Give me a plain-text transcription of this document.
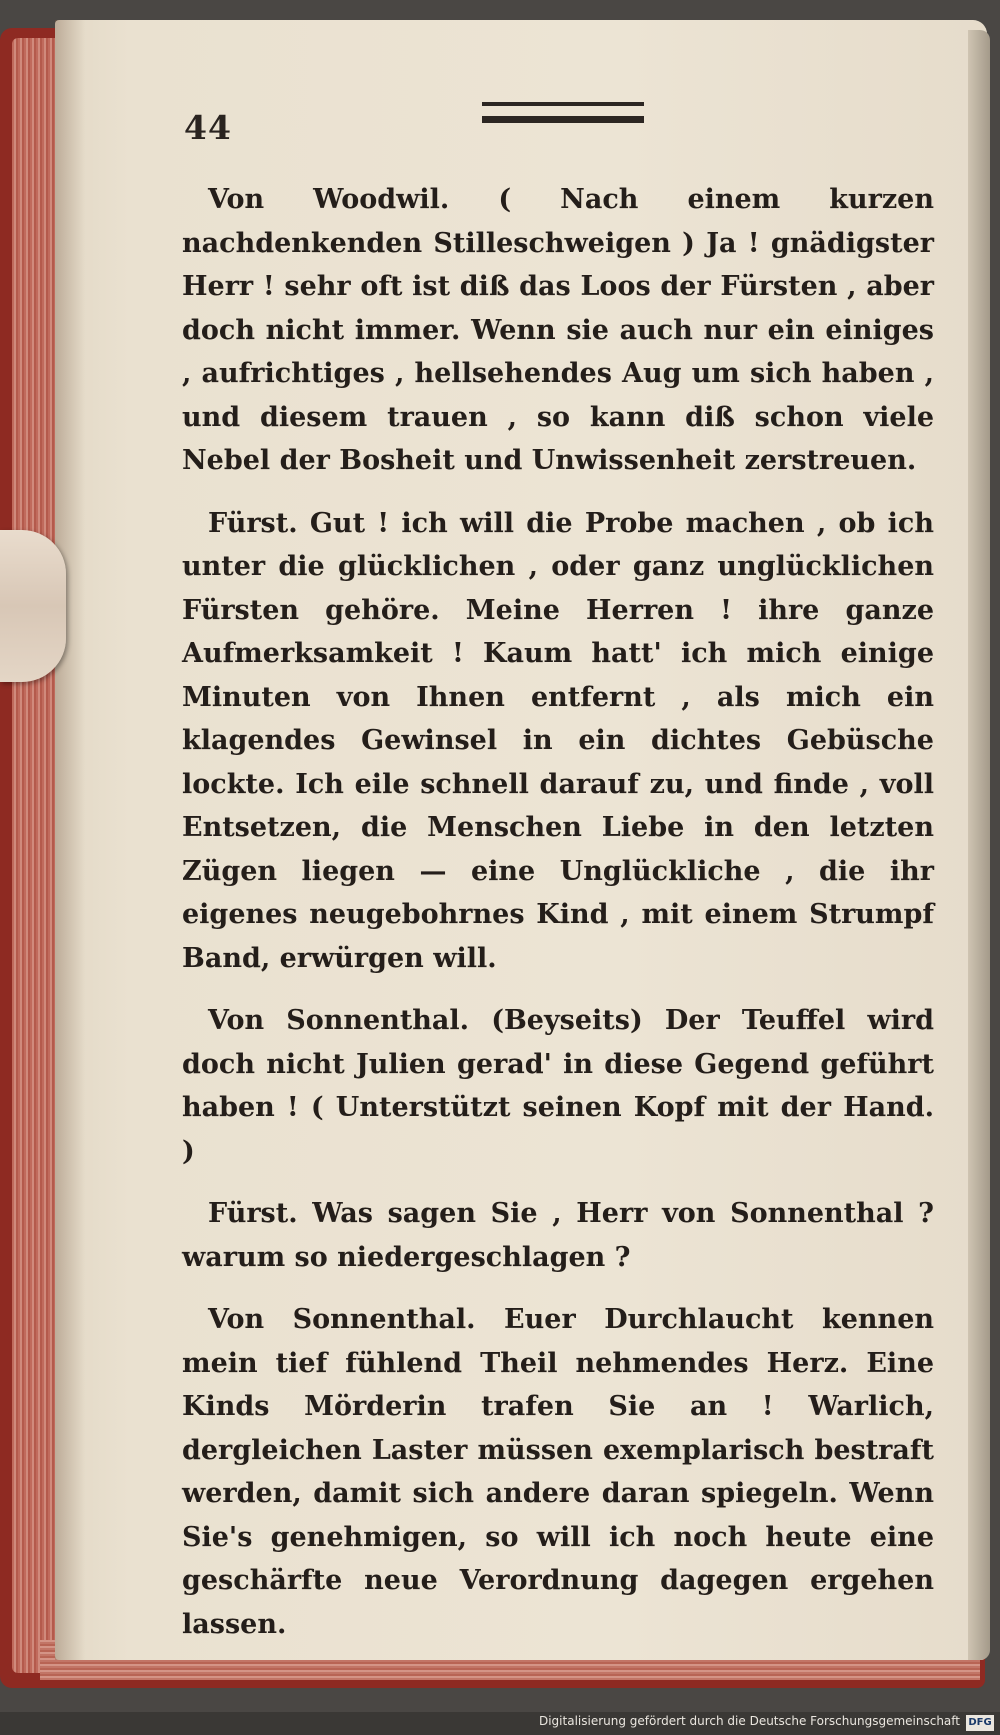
44

Von Woodwil. ( Nach einem kurzen nachdenkenden Stilleschweigen ) Ja ! gnädigster Herr ! sehr oft ist diß das Loos der Fürsten , aber doch nicht immer. Wenn sie auch nur ein einiges , aufrichtiges , hellsehendes Aug um sich haben , und diesem trauen , so kann diß schon viele Nebel der Bosheit und Unwissenheit zerstreuen.

Fürst. Gut ! ich will die Probe machen , ob ich unter die glücklichen , oder ganz unglücklichen Fürsten gehöre. Meine Herren ! ihre ganze Aufmerksamkeit ! Kaum hatt' ich mich einige Minuten von Ihnen entfernt , als mich ein klagendes Gewinsel in ein dichtes Gebüsche lockte. Ich eile schnell darauf zu, und finde , voll Entsetzen, die Menschen Liebe in den letzten Zügen liegen — eine Unglückliche , die ihr eigenes neugebohrnes Kind , mit einem Strumpf Band, erwürgen will.

Von Sonnenthal. (Beyseits) Der Teuffel wird doch nicht Julien gerad' in diese Gegend geführt haben ! ( Unterstützt seinen Kopf mit der Hand. )

Fürst. Was sagen Sie , Herr von Sonnenthal ? warum so niedergeschlagen ?

Von Sonnenthal. Euer Durchlaucht kennen mein tief fühlend Theil nehmendes Herz. Eine Kinds Mörderin trafen Sie an ! Warlich, dergleichen Laster müssen exemplarisch bestraft werden, damit sich andere daran spiegeln. Wenn Sie's genehmigen, so will ich noch heute eine geschärfte neue Verordnung dagegen ergehen lassen.

Digitalisierung gefördert durch die Deutsche Forschungsgemeinschaft DFG
